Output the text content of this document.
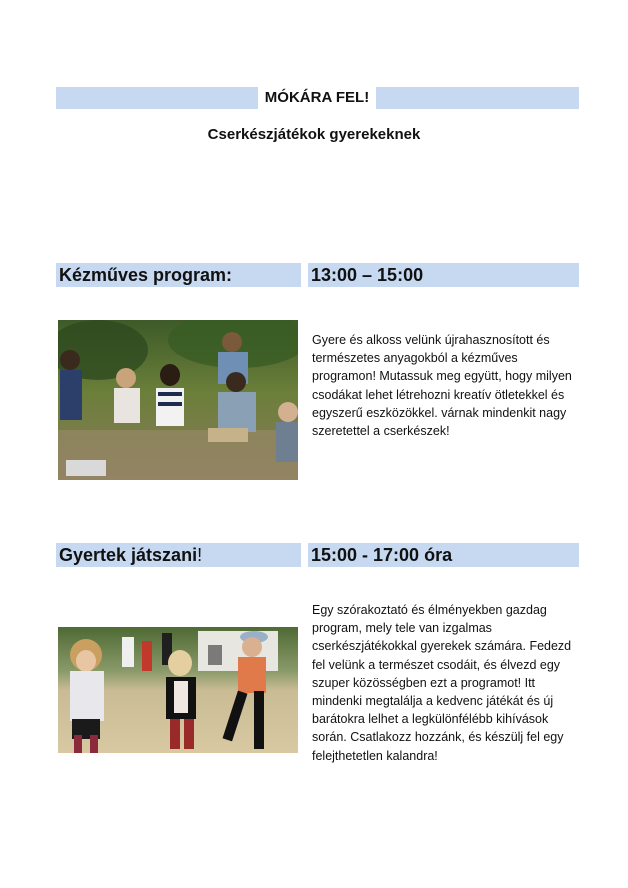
MÓKÁRA FEL!
Cserkészjátékok gyerekeknek
Kézműves program:	13:00 – 15:00
Gyere és alkoss velünk újrahasznosított és természetes anyagokból a kézműves programon! Mutassuk meg együtt, hogy milyen csodákat lehet létrehozni kreatív ötletekkel és egyszerű eszközökkel. várnak mindenkit nagy szeretettel a cserkészek!
Gyertek játszani!	15:00 - 17:00 óra
Egy szórakoztató és élményekben gazdag program, mely tele van izgalmas cserkészjátékokkal gyerekek számára. Fedezd fel velünk a természet csodáit, és élvezd egy szuper közösségben ezt a programot! Itt mindenki megtalálja a kedvenc játékát és új barátokra lelhet a legkülönfélébb kihívások során. Csatlakozz hozzánk, és készülj fel egy felejthetetlen kalandra!
